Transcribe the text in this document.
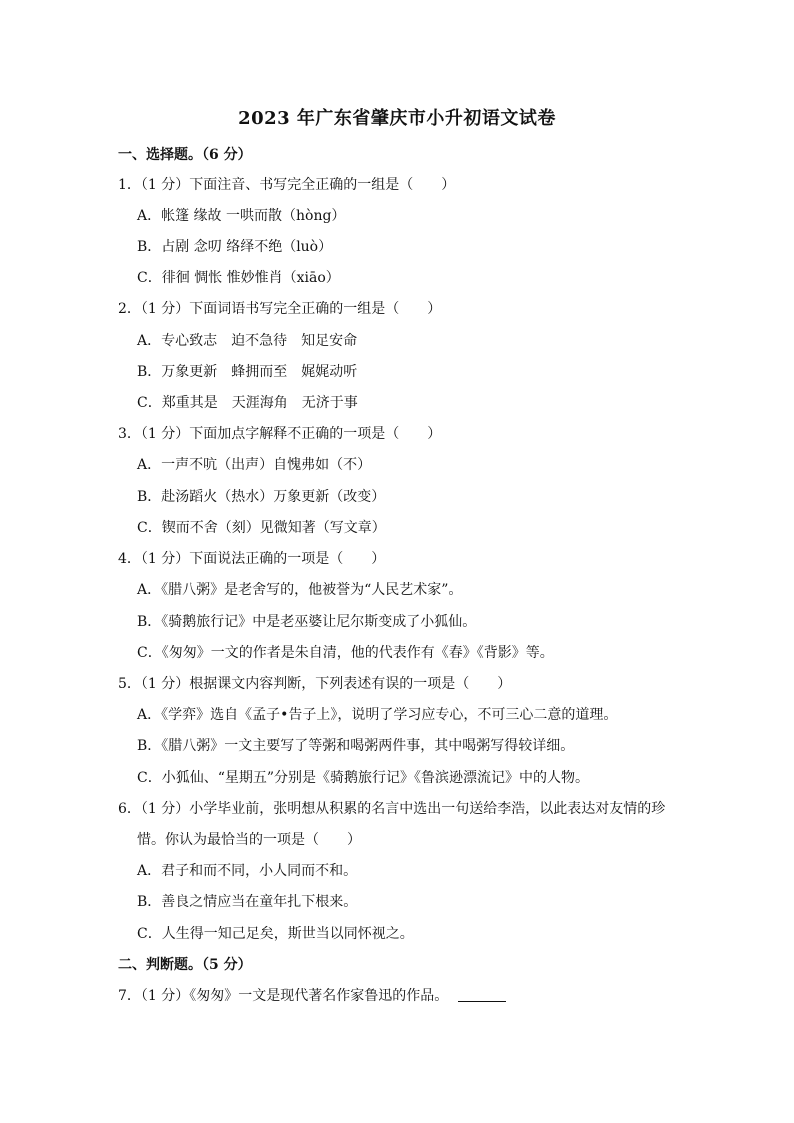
2023 年广东省肇庆市小升初语文试卷
一、选择题。（6 分）
1．（1 分）下面注音、书写完全正确的一组是（　　）
A．帐篷 缘故 一哄而散（hòng）
B．占剧 念叨 络绎不绝（luò）
C．徘徊 惆怅 惟妙惟肖（xiāo）
2．（1 分）下面词语书写完全正确的一组是（　　）
A．专心致志　迫不急待　知足安命
B．万象更新　蜂拥而至　娓娓动听
C．郑重其是　天涯海角　无济于事
3．（1 分）下面加点字解释不正确的一项是（　　）
A．一声不吭（出声）自愧弗如（不）
B．赴汤蹈火（热水）万象更新（改变）
C．锲而不舍（刻）见微知著（写文章）
4．（1 分）下面说法正确的一项是（　　）
A．《腊八粥》是老舍写的，他被誉为“人民艺术家”。
B．《骑鹅旅行记》中是老巫婆让尼尔斯变成了小狐仙。
C．《匆匆》一文的作者是朱自清，他的代表作有《春》《背影》等。
5．（1 分）根据课文内容判断，下列表述有误的一项是（　　）
A．《学弈》选自《孟子•告子上》，说明了学习应专心，不可三心二意的道理。
B．《腊八粥》一文主要写了等粥和喝粥两件事，其中喝粥写得较详细。
C．小狐仙、“星期五”分别是《骑鹅旅行记》《鲁滨逊漂流记》中的人物。
6．（1 分）小学毕业前，张明想从积累的名言中选出一句送给李浩，以此表达对友情的珍
惜。你认为最恰当的一项是（　　）
A．君子和而不同，小人同而不和。
B．善良之情应当在童年扎下根来。
C．人生得一知己足矣，斯世当以同怀视之。
二、判断题。（5 分）
7．（1 分）《匆匆》一文是现代著名作家鲁迅的作品。
